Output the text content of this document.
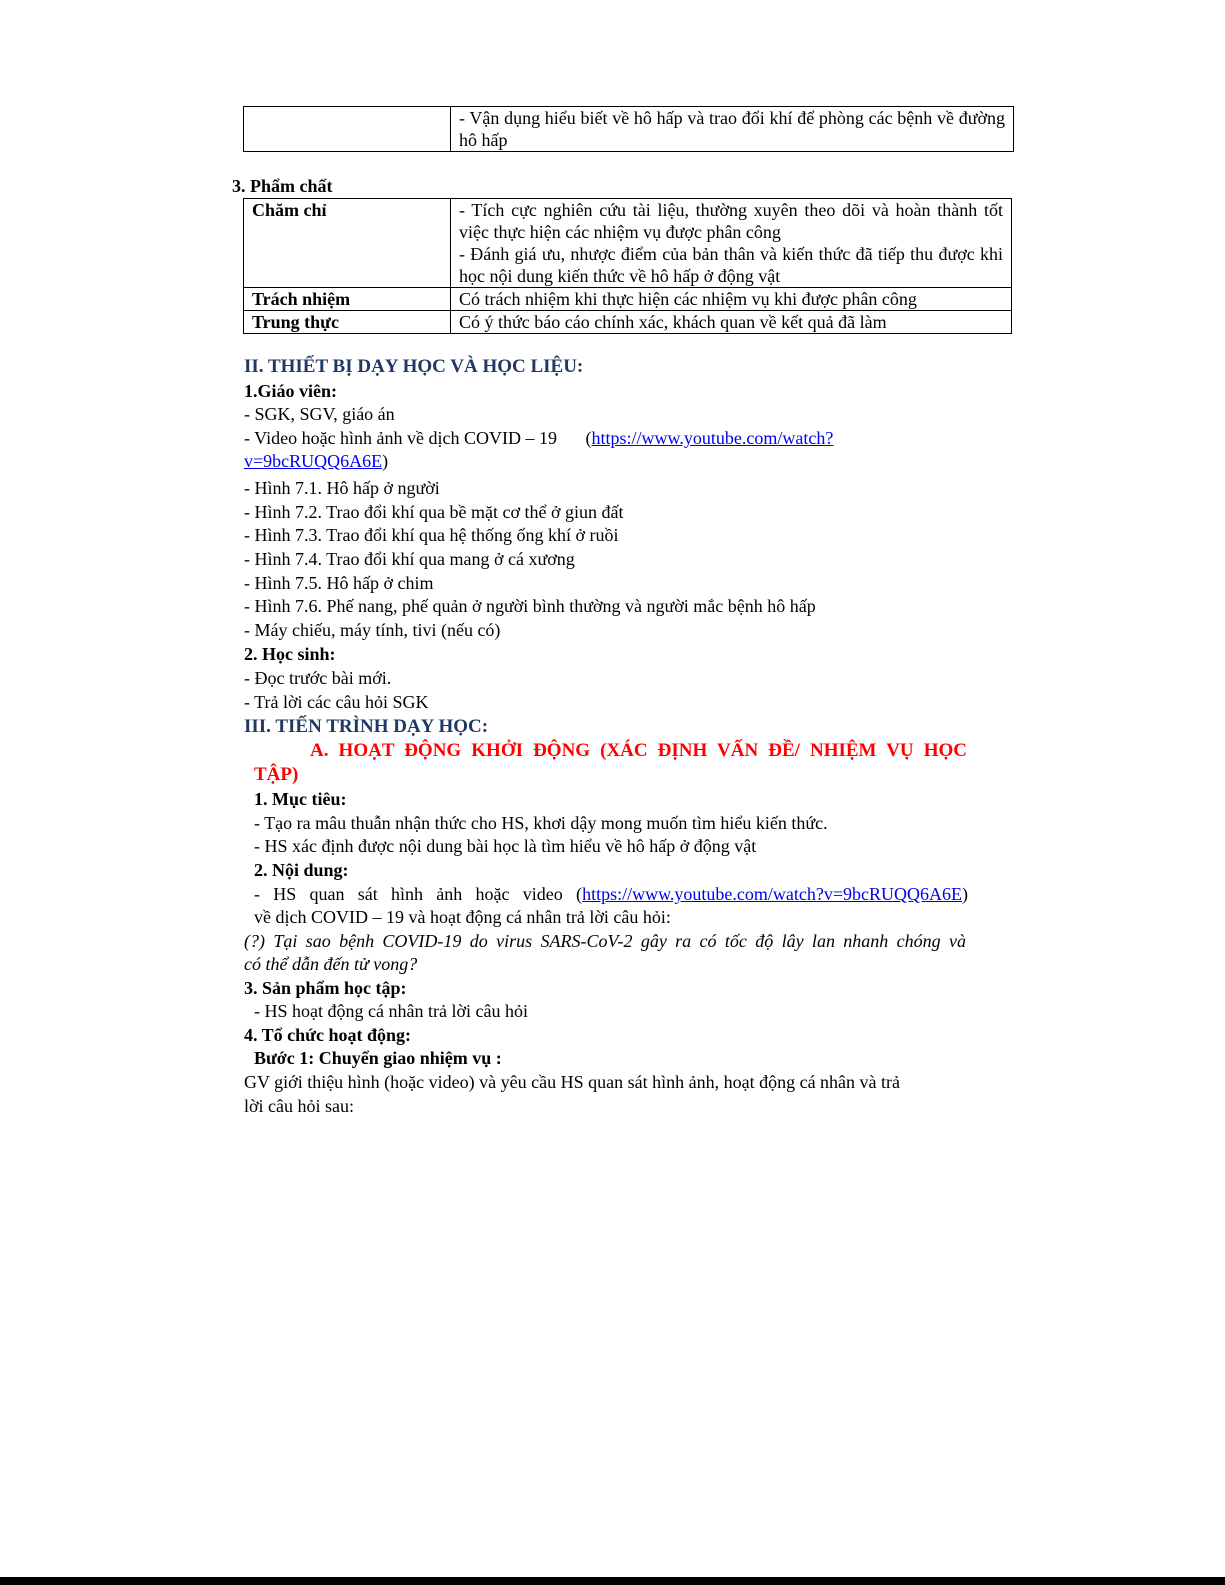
	- Vận dụng hiểu biết về hô hấp và trao đổi khí để phòng các bệnh về đường hô hấp
3. Phẩm chất
Chăm chỉ	- Tích cực nghiên cứu tài liệu, thường xuyên theo dõi và hoàn thành tốt việc thực hiện các nhiệm vụ được phân công
- Đánh giá ưu, nhược điểm của bản thân và kiến thức đã tiếp thu được khi học nội dung kiến thức về hô hấp ở động vật

Trách nhiệm	Có trách nhiệm khi thực hiện các nhiệm vụ khi được phân công
Trung thực	Có ý thức báo cáo chính xác, khách quan về kết quả đã làm
II. THIẾT BỊ DẠY HỌC VÀ HỌC LIỆU:
1.Giáo viên:
- SGK, SGV, giáo án
- Video hoặc hình ảnh về dịch COVID – 19 (https://www.youtube.com/watch?
v=9bcRUQQ6A6E)
- Hình 7.1. Hô hấp ở người
- Hình 7.2. Trao đổi khí qua bề mặt cơ thể ở giun đất
- Hình 7.3. Trao đổi khí qua hệ thống ống khí ở ruồi
- Hình 7.4. Trao đổi khí qua mang ở cá xương
- Hình 7.5. Hô hấp ở chim
- Hình 7.6. Phế nang, phế quản ở người bình thường và người mắc bệnh hô hấp
- Máy chiếu, máy tính, tivi (nếu có)
2. Học sinh:
- Đọc trước bài mới.
- Trả lời các câu hỏi SGK
III. TIẾN TRÌNH DẠY HỌC:
A. HOẠT ĐỘNG KHỞI ĐỘNG (XÁC ĐỊNH VẤN ĐỀ/ NHIỆM VỤ HỌC
TẬP)
1. Mục tiêu:
- Tạo ra mâu thuẫn nhận thức cho HS, khơi dậy mong muốn tìm hiểu kiến thức.
- HS xác định được nội dung bài học là tìm hiểu về hô hấp ở động vật
2. Nội dung:
- HS quan sát hình ảnh hoặc video (https://www.youtube.com/watch?v=9bcRUQQ6A6E)
về dịch COVID – 19 và hoạt động cá nhân trả lời câu hỏi:
(?) Tại sao bệnh COVID-19 do virus SARS-CoV-2 gây ra có tốc độ lây lan nhanh chóng và
có thể dẫn đến tử vong?
3. Sản phẩm học tập:
- HS hoạt động cá nhân trả lời câu hỏi
4. Tổ chức hoạt động:
Bước 1: Chuyển giao nhiệm vụ :
GV giới thiệu hình (hoặc video) và yêu cầu HS quan sát hình ảnh, hoạt động cá nhân và trả
lời câu hỏi sau:
